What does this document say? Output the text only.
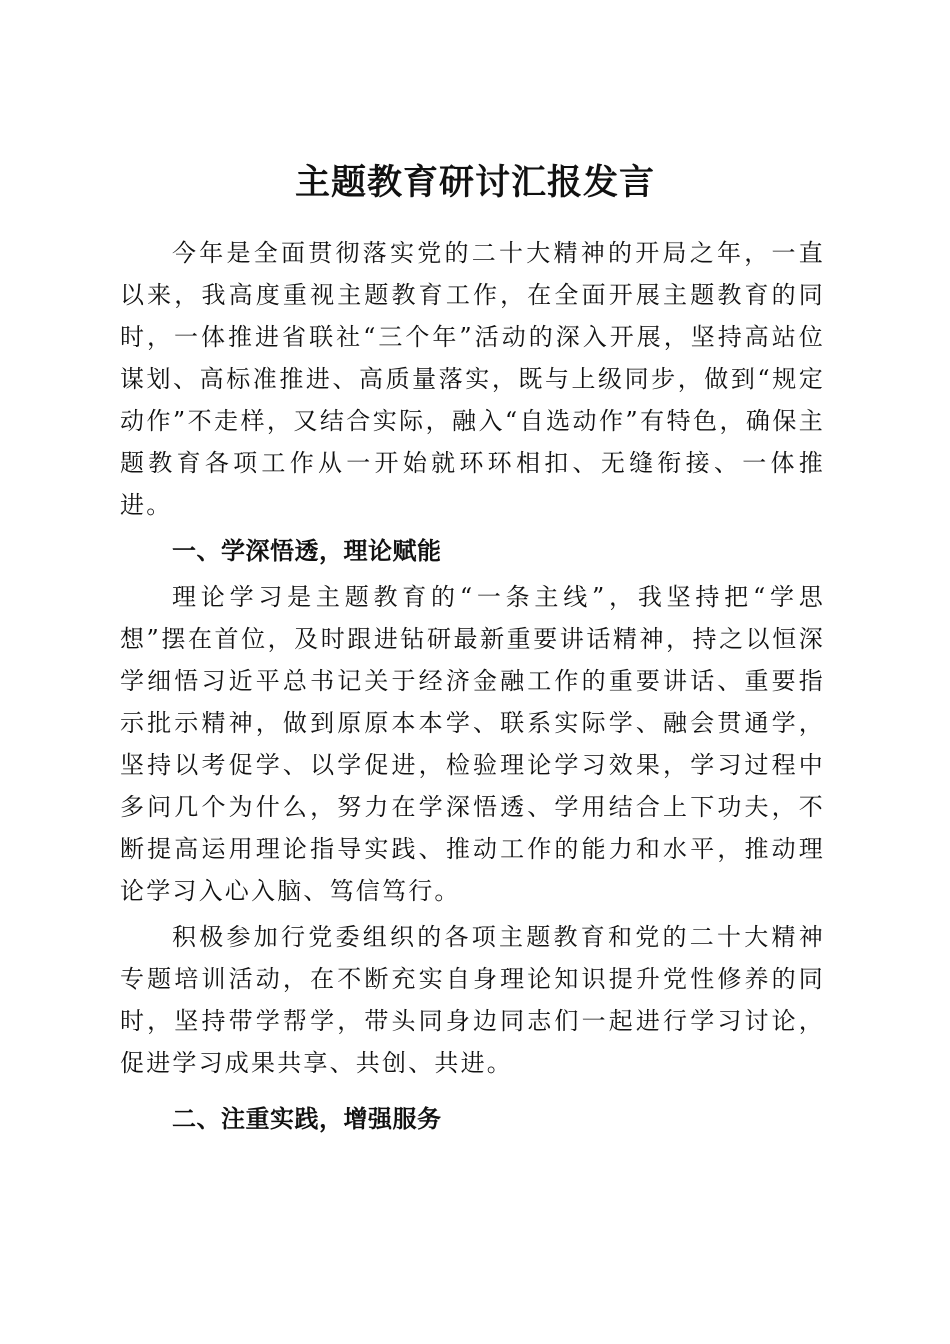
主题教育研讨汇报发言

今年是全面贯彻落实党的二十大精神的开局之年，一直以来，我高度重视主题教育工作，在全面开展主题教育的同时，一体推进省联社“三个年”活动的深入开展，坚持高站位谋划、高标准推进、高质量落实，既与上级同步，做到“规定动作”不走样，又结合实际，融入“自选动作”有特色，确保主题教育各项工作从一开始就环环相扣、无缝衔接、一体推进。

一、学深悟透，理论赋能

理论学习是主题教育的“一条主线”，我坚持把“学思想”摆在首位，及时跟进钻研最新重要讲话精神，持之以恒深学细悟习近平总书记关于经济金融工作的重要讲话、重要指示批示精神，做到原原本本学、联系实际学、融会贯通学，坚持以考促学、以学促进，检验理论学习效果，学习过程中多问几个为什么，努力在学深悟透、学用结合上下功夫，不断提高运用理论指导实践、推动工作的能力和水平，推动理论学习入心入脑、笃信笃行。

积极参加行党委组织的各项主题教育和党的二十大精神专题培训活动，在不断充实自身理论知识提升党性修养的同时，坚持带学帮学，带头同身边同志们一起进行学习讨论，促进学习成果共享、共创、共进。

二、注重实践，增强服务
